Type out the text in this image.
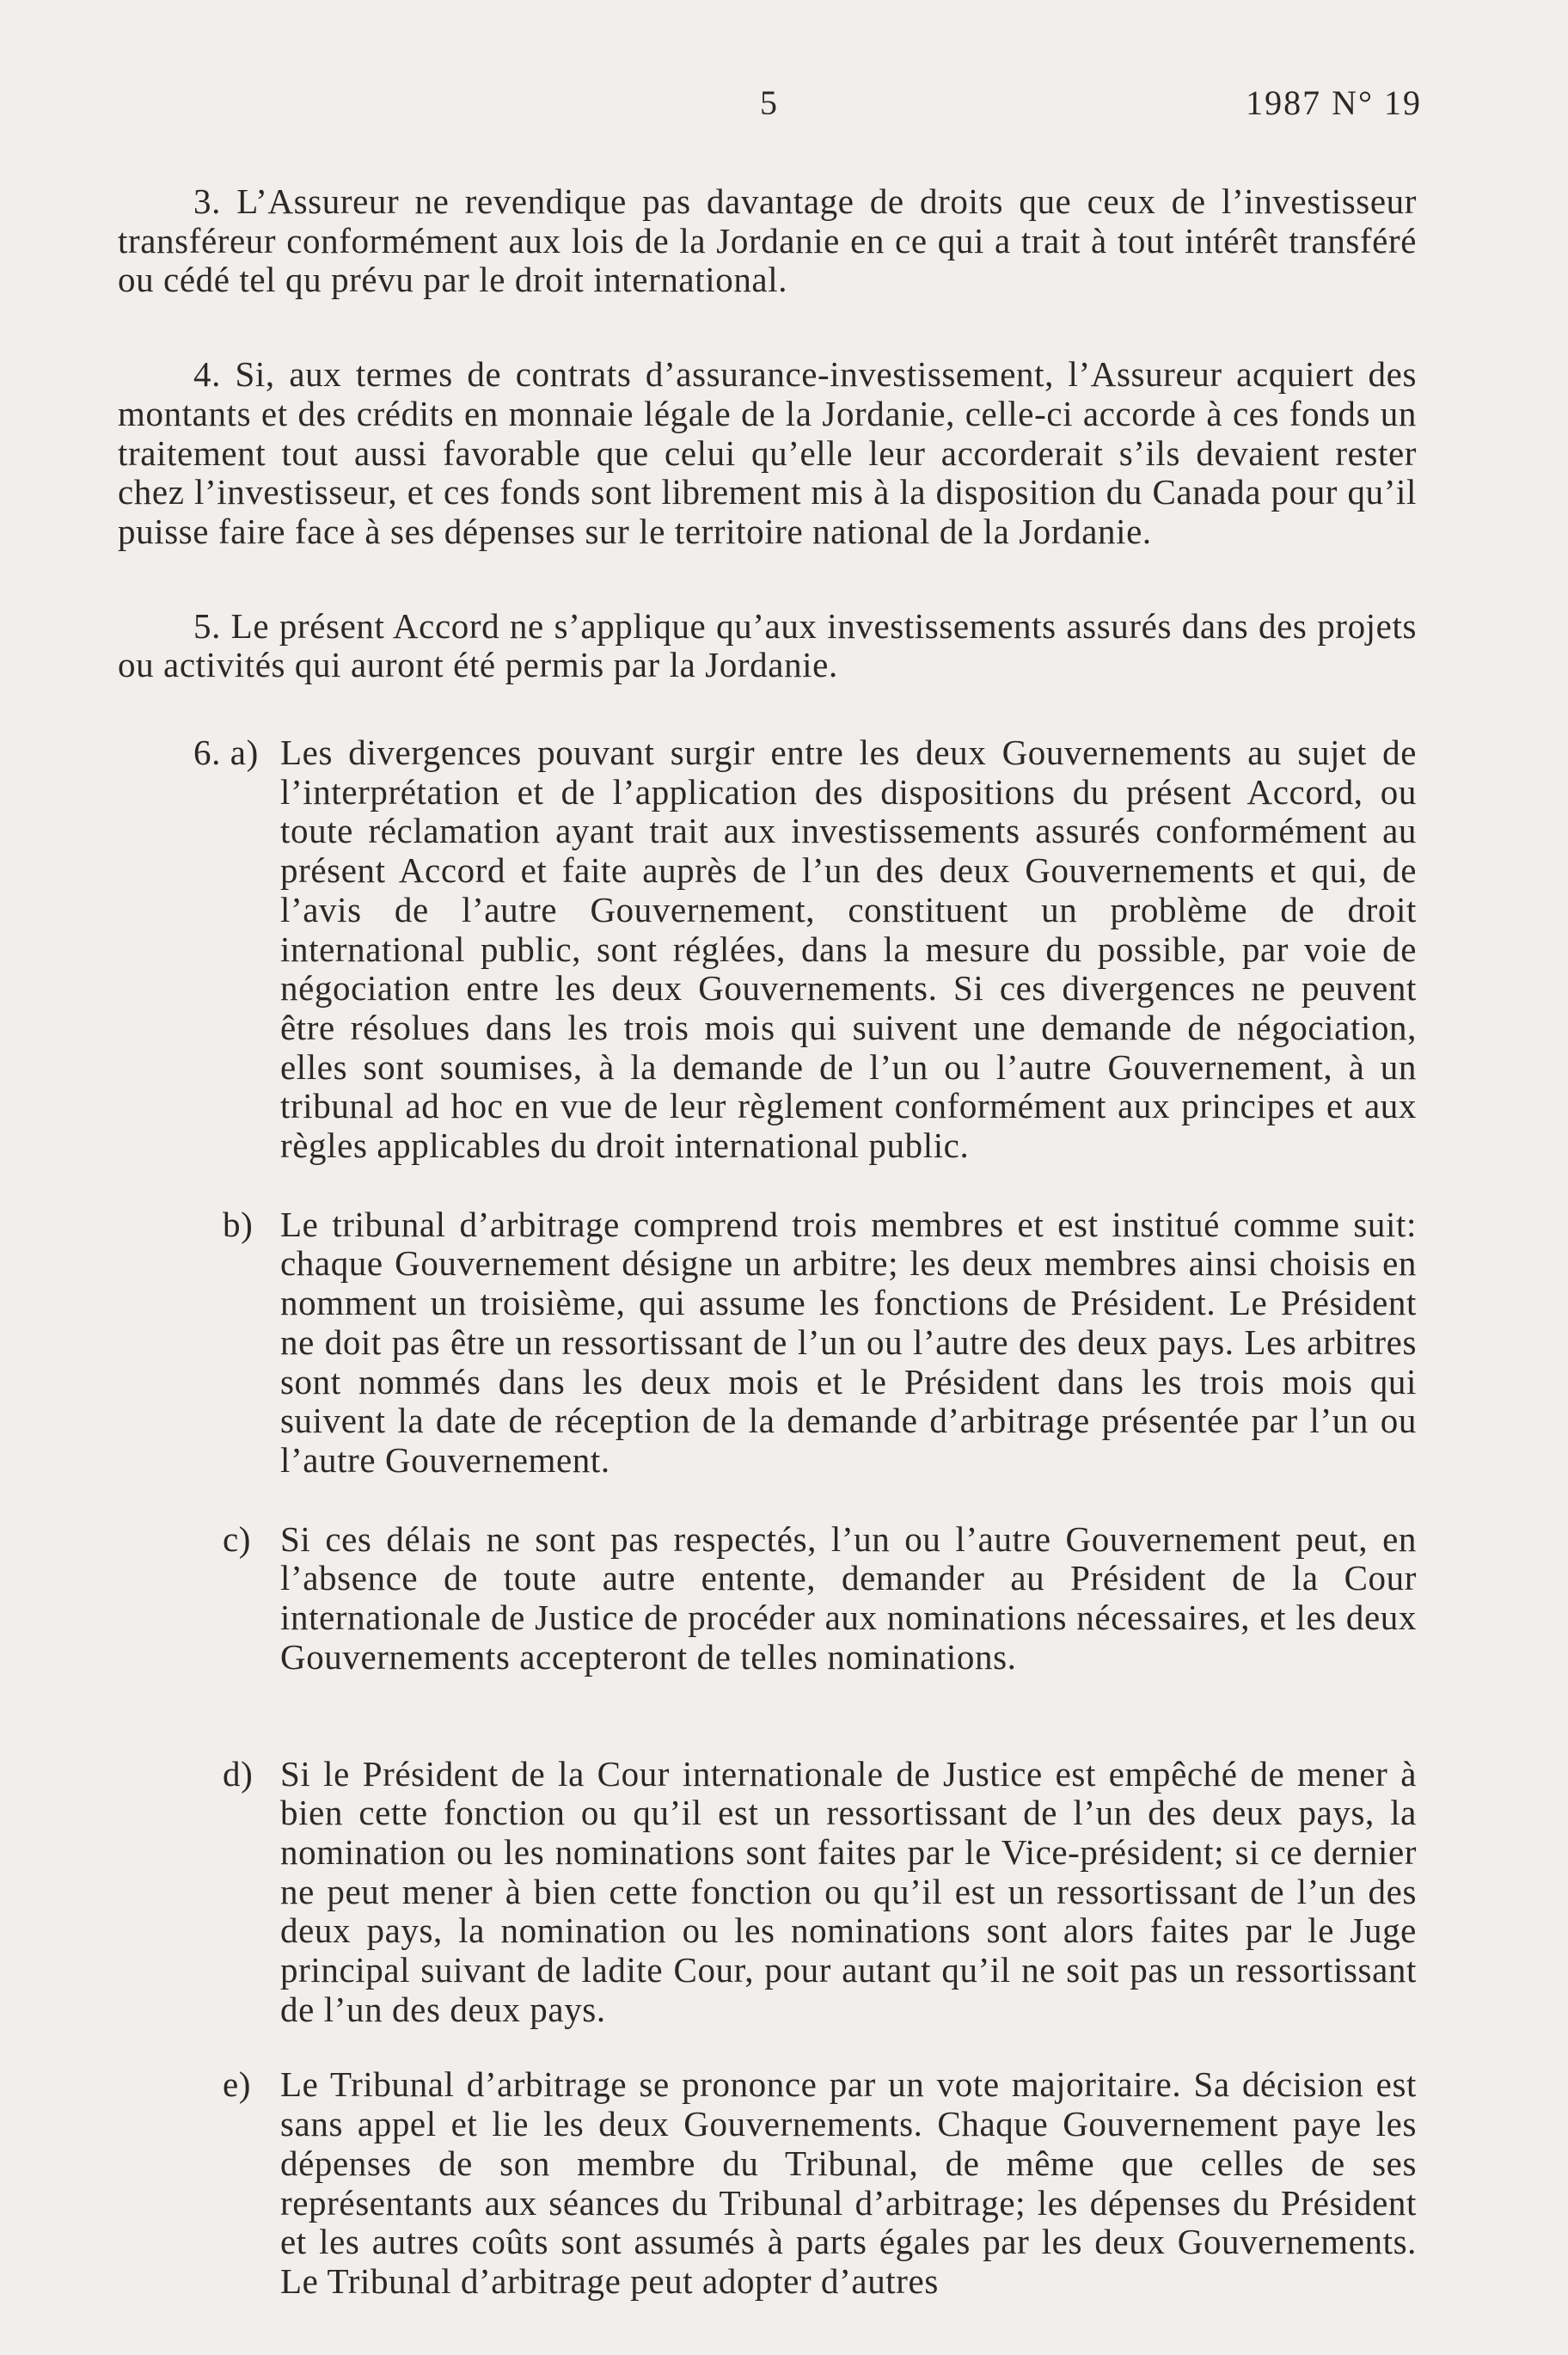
5	1987 N° 19

3. L’Assureur ne revendique pas davantage de droits que ceux de l’investisseur transféreur conformément aux lois de la Jordanie en ce qui a trait à tout intérêt transféré ou cédé tel qu prévu par le droit international.

4. Si, aux termes de contrats d’assurance-investissement, l’Assureur acquiert des montants et des crédits en monnaie légale de la Jordanie, celle-ci accorde à ces fonds un traitement tout aussi favorable que celui qu’elle leur accorderait s’ils devaient rester chez l’investisseur, et ces fonds sont librement mis à la disposition du Canada pour qu’il puisse faire face à ses dépenses sur le territoire national de la Jordanie.

5. Le présent Accord ne s’applique qu’aux investissements assurés dans des projets ou activités qui auront été permis par la Jordanie.

6. a) Les divergences pouvant surgir entre les deux Gouvernements au sujet de l’interprétation et de l’application des dispositions du présent Accord, ou toute réclamation ayant trait aux investissements assurés conformément au présent Accord et faite auprès de l’un des deux Gouvernements et qui, de l’avis de l’autre Gouvernement, constituent un problème de droit international public, sont réglées, dans la mesure du possible, par voie de négociation entre les deux Gouvernements. Si ces divergences ne peuvent être résolues dans les trois mois qui suivent une demande de négociation, elles sont soumises, à la demande de l’un ou l’autre Gouvernement, à un tribunal ad hoc en vue de leur règlement conformément aux principes et aux règles applicables du droit international public.

b) Le tribunal d’arbitrage comprend trois membres et est institué comme suit: chaque Gouvernement désigne un arbitre; les deux membres ainsi choisis en nomment un troisième, qui assume les fonctions de Président. Le Président ne doit pas être un ressortissant de l’un ou l’autre des deux pays. Les arbitres sont nommés dans les deux mois et le Président dans les trois mois qui suivent la date de réception de la demande d’arbitrage présentée par l’un ou l’autre Gouvernement.

c) Si ces délais ne sont pas respectés, l’un ou l’autre Gouvernement peut, en l’absence de toute autre entente, demander au Président de la Cour internationale de Justice de procéder aux nominations nécessaires, et les deux Gouvernements accepteront de telles nominations.

d) Si le Président de la Cour internationale de Justice est empêché de mener à bien cette fonction ou qu’il est un ressortissant de l’un des deux pays, la nomination ou les nominations sont faites par le Vice-président; si ce dernier ne peut mener à bien cette fonction ou qu’il est un ressortissant de l’un des deux pays, la nomination ou les nominations sont alors faites par le Juge principal suivant de ladite Cour, pour autant qu’il ne soit pas un ressortissant de l’un des deux pays.

e) Le Tribunal d’arbitrage se prononce par un vote majoritaire. Sa décision est sans appel et lie les deux Gouvernements. Chaque Gouvernement paye les dépenses de son membre du Tribunal, de même que celles de ses représentants aux séances du Tribunal d’arbitrage; les dépenses du Président et les autres coûts sont assumés à parts égales par les deux Gouvernements. Le Tribunal d’arbitrage peut adopter d’autres
